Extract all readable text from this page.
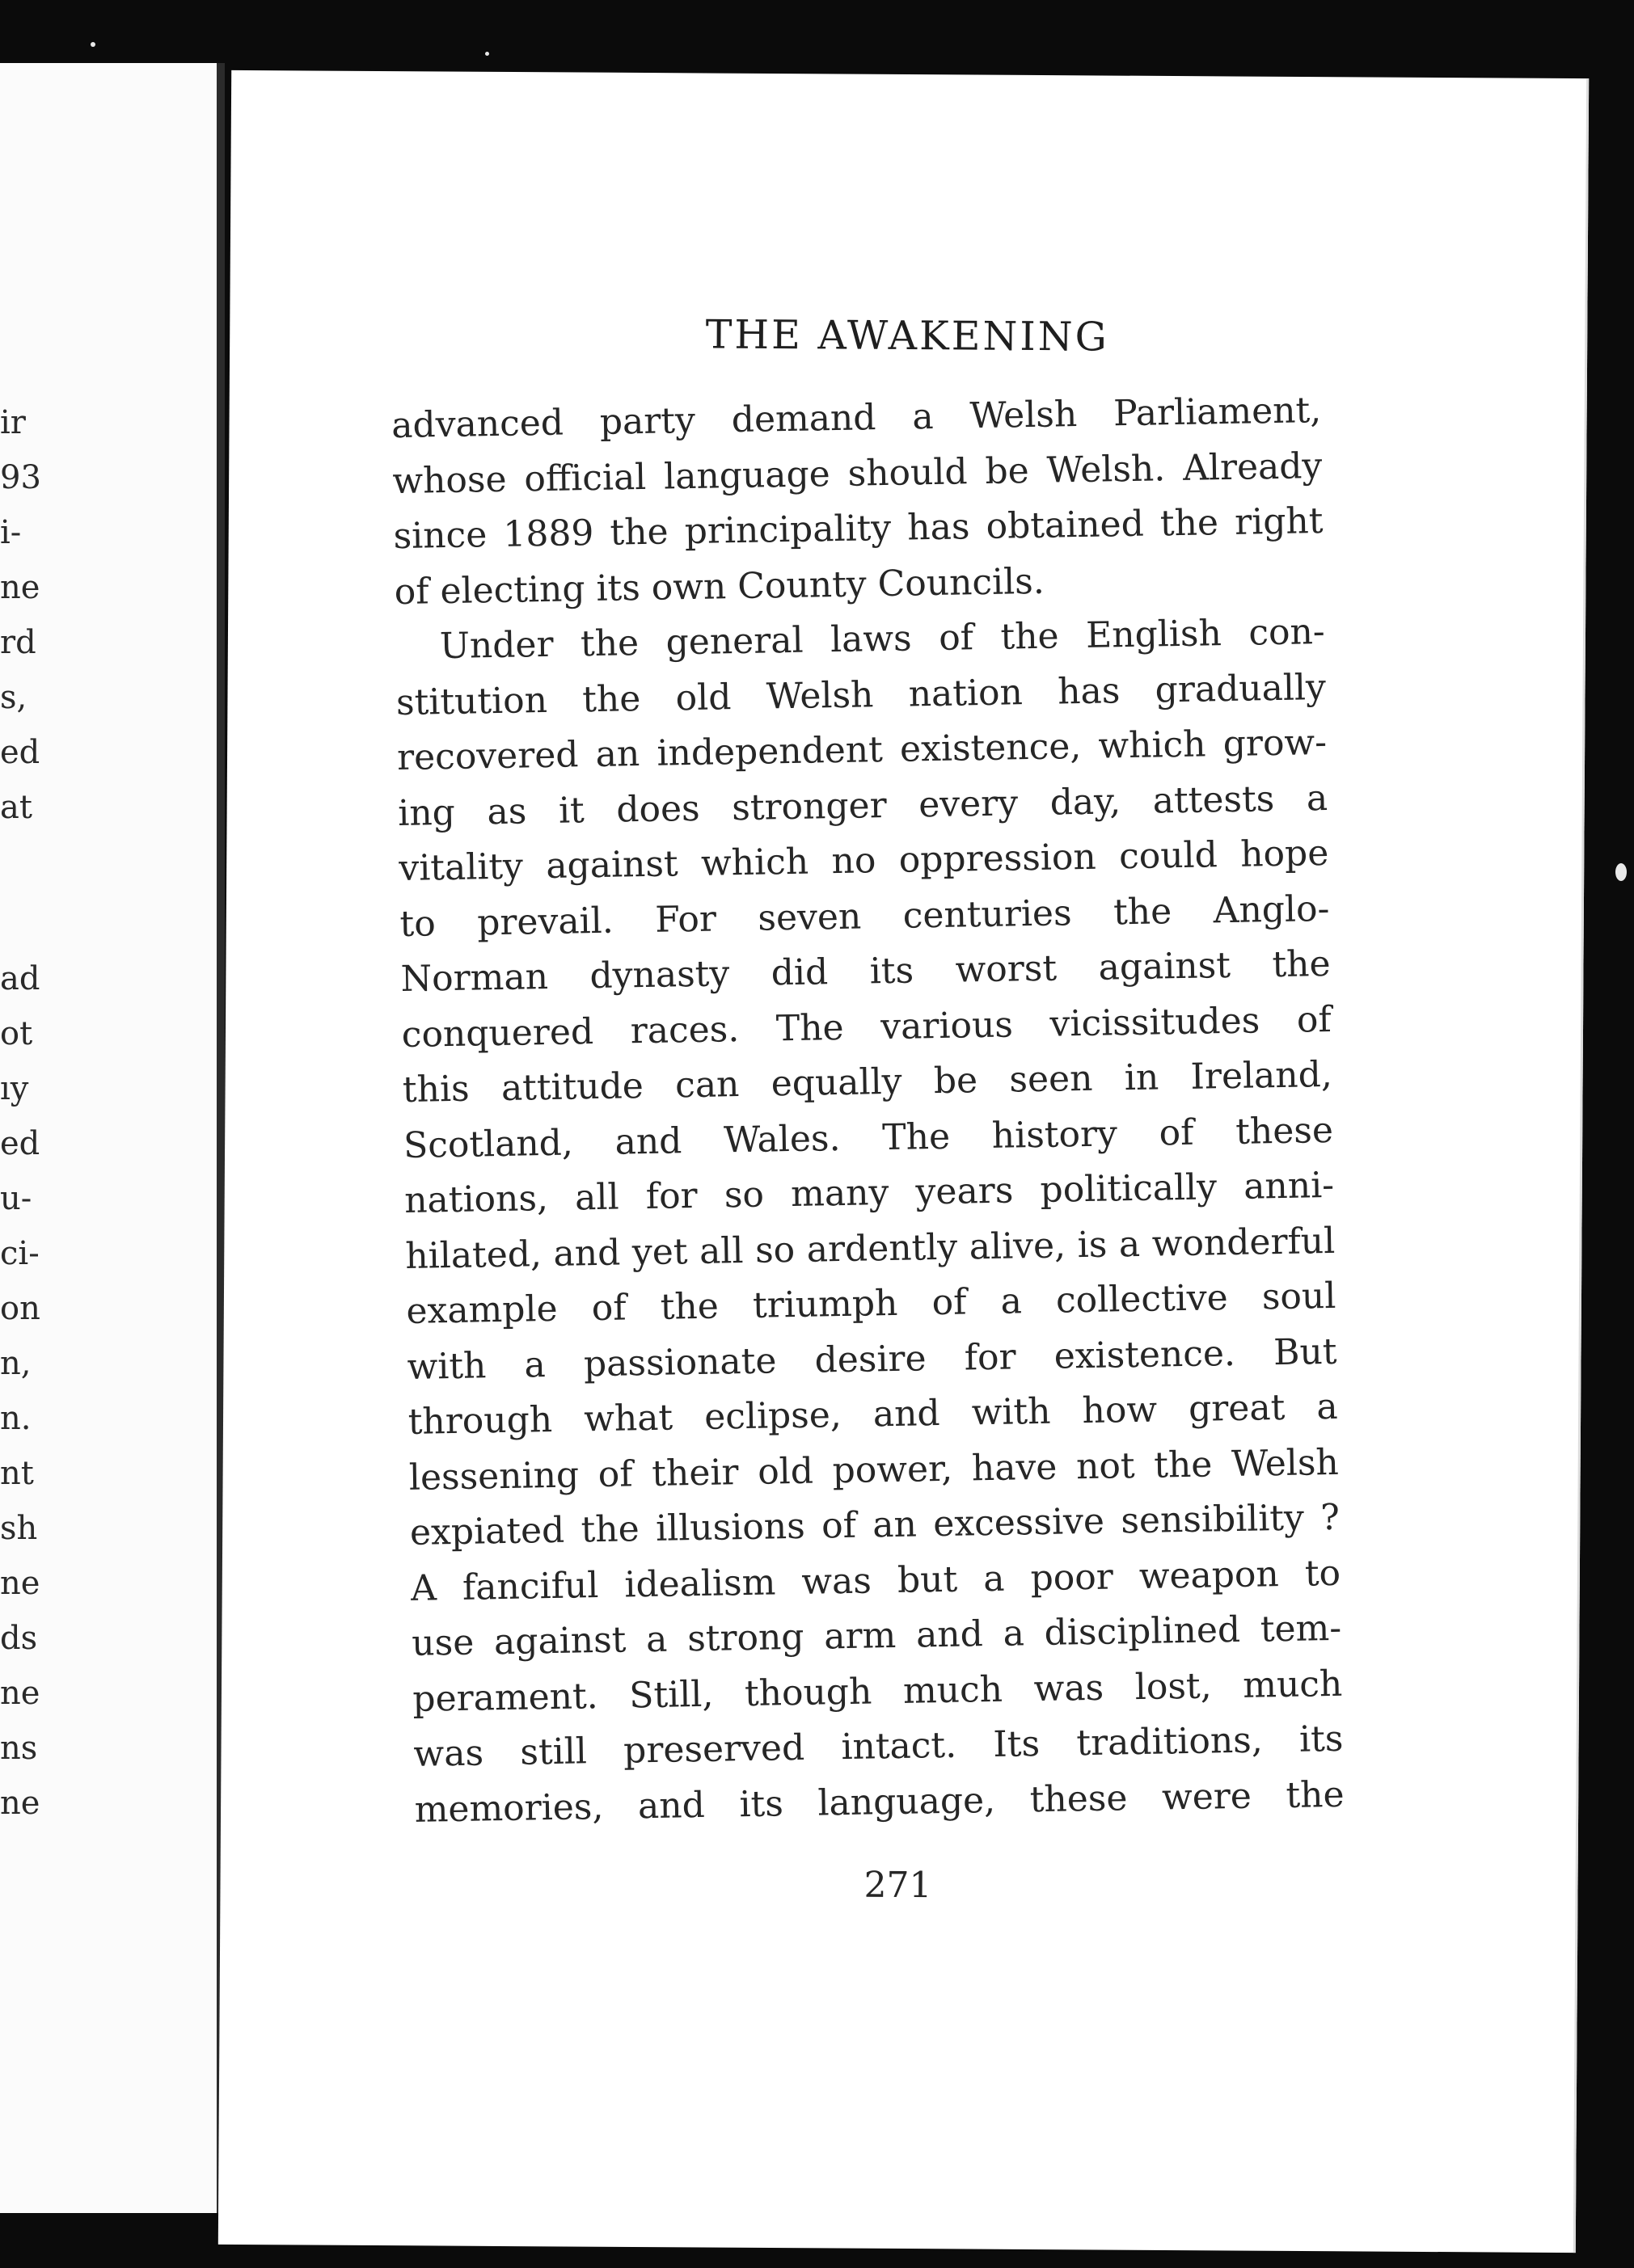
ir
93
i-
ne
rd
s,
ed
at
ad
ot
ıy
ed
u-
ci-
on
n,
n.
nt
sh
ne
ds
ne
ns
ne
THE AWAKENING
advanced party demand a Welsh Parliament,
whose official language should be Welsh. Already
since 1889 the principality has obtained the right
of electing its own County Councils.
Under the general laws of the English con-
stitution the old Welsh nation has gradually
recovered an independent existence, which grow-
ing as it does stronger every day, attests a
vitality against which no oppression could hope
to prevail. For seven centuries the Anglo-
Norman dynasty did its worst against the
conquered races. The various vicissitudes of
this attitude can equally be seen in Ireland,
Scotland, and Wales. The history of these
nations, all for so many years politically anni-
hilated, and yet all so ardently alive, is a wonderful
example of the triumph of a collective soul
with a passionate desire for existence. But
through what eclipse, and with how great a
lessening of their old power, have not the Welsh
expiated the illusions of an excessive sensibility ?
A fanciful idealism was but a poor weapon to
use against a strong arm and a disciplined tem-
perament. Still, though much was lost, much
was still preserved intact. Its traditions, its
memories, and its language, these were the
271
